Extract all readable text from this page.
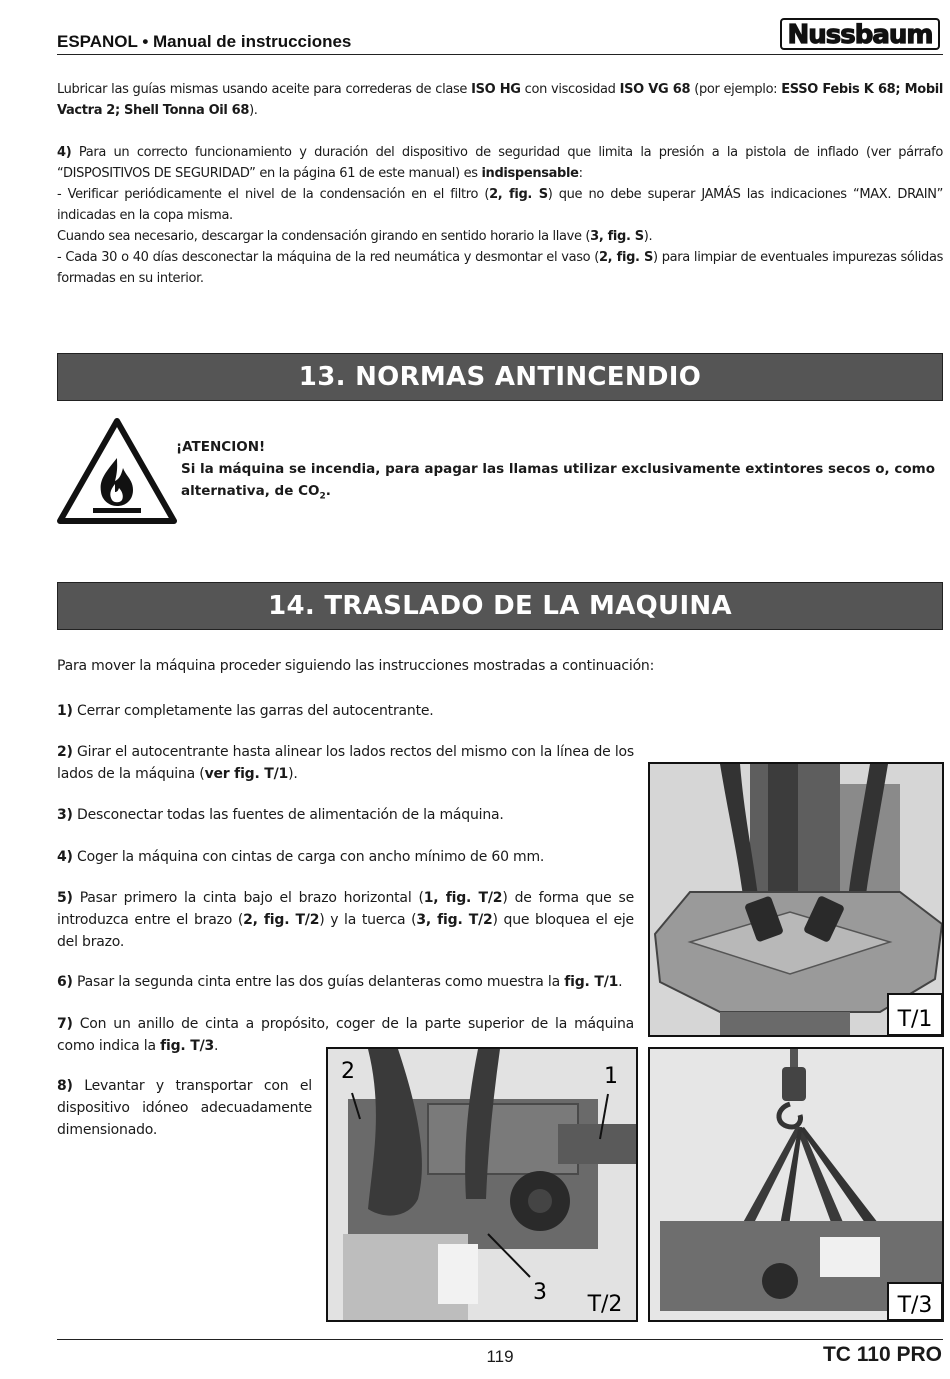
ESPANOL • Manual de instrucciones	Nussbaum
Lubricar las guías mismas usando aceite para correderas de clase ISO HG con viscosidad ISO VG 68 (por ejemplo: ESSO Febis K 68; Mobil Vactra 2; Shell Tonna Oil 68).
4) Para un correcto funcionamiento y duración del dispositivo de seguridad que limita la presión a la pistola de inflado (ver párrafo “DISPOSITIVOS DE SEGURIDAD” en la página 61 de este manual) es indispensable:
- Verificar periódicamente el nivel de la condensación en el filtro (2, fig. S) que no debe superar JAMÁS las indicaciones “MAX. DRAIN” indicadas en la copa misma.
Cuando sea necesario, descargar la condensación girando en sentido horario la llave (3, fig. S).
- Cada 30 o 40 días desconectar la máquina de la red neumática y desmontar el vaso (2, fig. S) para limpiar de eventuales impurezas sólidas formadas en su interior.
13. NORMAS ANTINCENDIO
¡ATENCION!
Si la máquina se incendia, para apagar las llamas utilizar exclusivamente extintores secos o, como alternativa, de $CO_2$.
14. TRASLADO DE LA MAQUINA
Para mover la máquina proceder siguiendo las instrucciones mostradas a continuación:
1) Cerrar completamente las garras del autocentrante.
2) Girar el autocentrante hasta alinear los lados rectos del mismo con la línea de los lados de la máquina (ver fig. T/1).
3) Desconectar todas las fuentes de alimentación de la máquina.
4) Coger la máquina con cintas de carga con ancho mínimo de 60 mm.
5) Pasar primero la cinta bajo el brazo horizontal (1, fig. T/2) de forma que se introduzca entre el brazo (2, fig. T/2) y la tuerca (3, fig. T/2) que bloquea el eje del brazo.
6) Pasar la segunda cinta entre las dos guías delanteras como muestra la fig. T/1.
7) Con un anillo de cinta a propósito, coger de la parte superior de la máquina como indica la fig. T/3.
8) Levantar y transportar con el dispositivo idóneo adecuadamente dimensionado.
T/1
1
2
3 T/2	T/3
119	TC 110 PRO
